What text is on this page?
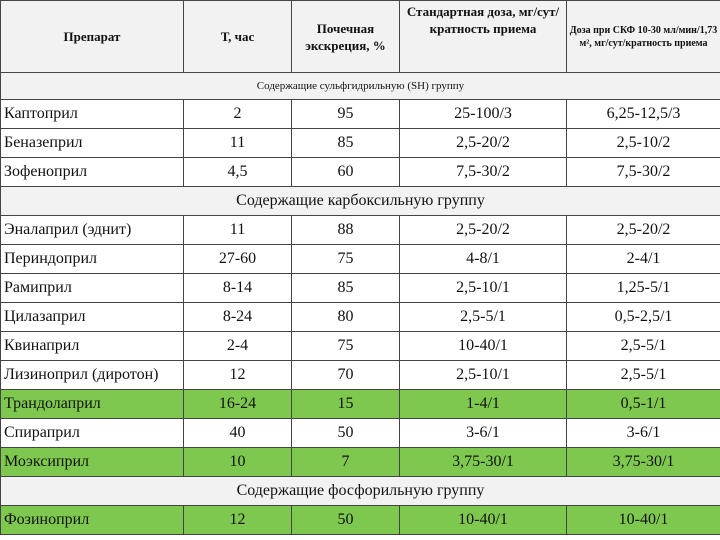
Препарат	Т, час	Почечная экскреция, %	Стандартная доза, мг/сут/кратность приема	Доза при СКФ 10-30 мл/мин/1,73 м², мг/сут/кратность приема
Содержащие сульфгидрильную (SH) группу				
Каптоприл	2	95	25-100/3	6,25-12,5/3
Беназеприл	11	85	2,5-20/2	2,5-10/2
Зофеноприл	4,5	60	7,5-30/2	7,5-30/2
Содержащие карбоксильную группу				
Эналаприл (эднит)	11	88	2,5-20/2	2,5-20/2
Периндоприл	27-60	75	4-8/1	2-4/1
Рамиприл	8-14	85	2,5-10/1	1,25-5/1
Цилазаприл	8-24	80	2,5-5/1	0,5-2,5/1
Квинаприл	2-4	75	10-40/1	2,5-5/1
Лизиноприл (диротон)	12	70	2,5-10/1	2,5-5/1
Трандолаприл	16-24	15	1-4/1	0,5-1/1
Спираприл	40	50	3-6/1	3-6/1
Моэксиприл	10	7	3,75-30/1	3,75-30/1
Содержащие фосфорильную группу				
Фозиноприл	12	50	10-40/1	10-40/1
